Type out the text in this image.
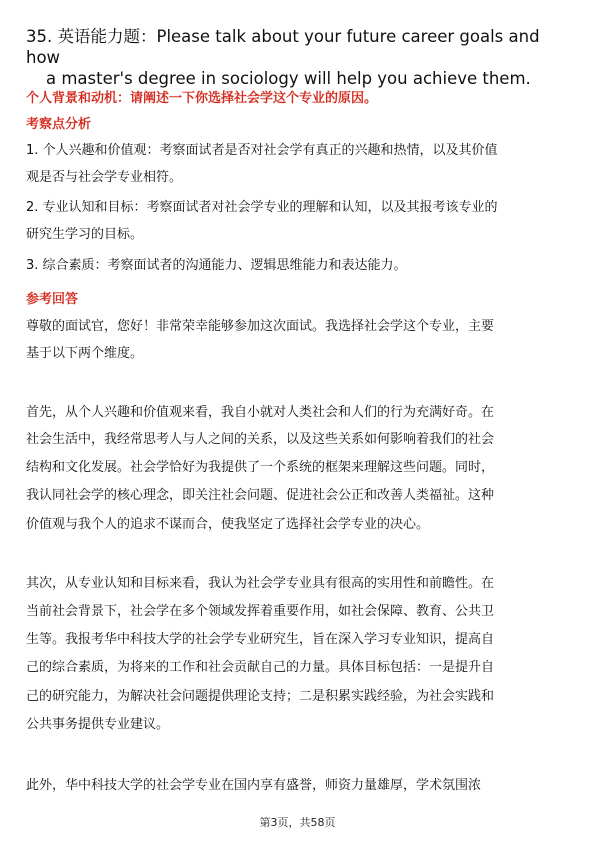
35. 英语能力题：Please talk about your future career goals and how
a master's degree in sociology will help you achieve them.
个人背景和动机：请阐述一下你选择社会学这个专业的原因。
考察点分析
1. 个人兴趣和价值观：考察面试者是否对社会学有真正的兴趣和热情，以及其价值
观是否与社会学专业相符。
2. 专业认知和目标：考察面试者对社会学专业的理解和认知，以及其报考该专业的
研究生学习的目标。
3. 综合素质：考察面试者的沟通能力、逻辑思维能力和表达能力。
参考回答
尊敬的面试官，您好！非常荣幸能够参加这次面试。我选择社会学这个专业，主要
基于以下两个维度。
首先，从个人兴趣和价值观来看，我自小就对人类社会和人们的行为充满好奇。在
社会生活中，我经常思考人与人之间的关系，以及这些关系如何影响着我们的社会
结构和文化发展。社会学恰好为我提供了一个系统的框架来理解这些问题。同时，
我认同社会学的核心理念，即关注社会问题、促进社会公正和改善人类福祉。这种
价值观与我个人的追求不谋而合，使我坚定了选择社会学专业的决心。
其次，从专业认知和目标来看，我认为社会学专业具有很高的实用性和前瞻性。在
当前社会背景下，社会学在多个领域发挥着重要作用，如社会保障、教育、公共卫
生等。我报考华中科技大学的社会学专业研究生，旨在深入学习专业知识，提高自
己的综合素质，为将来的工作和社会贡献自己的力量。具体目标包括：一是提升自
己的研究能力，为解决社会问题提供理论支持；二是积累实践经验，为社会实践和
公共事务提供专业建议。
此外，华中科技大学的社会学专业在国内享有盛誉，师资力量雄厚，学术氛围浓
第3页，共58页
